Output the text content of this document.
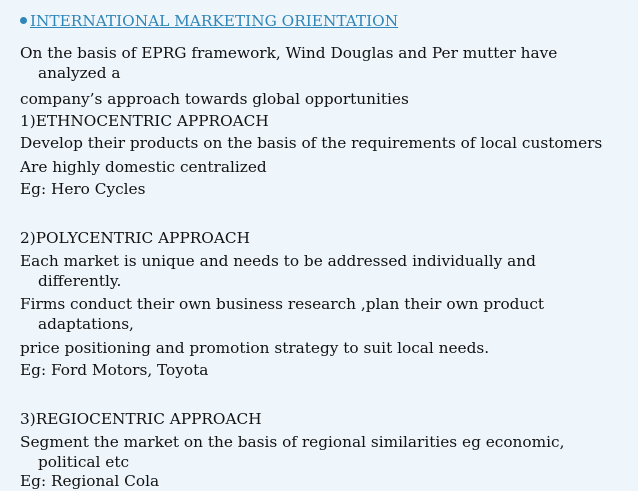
INTERNATIONAL MARKETING ORIENTATION
On the basis of EPRG framework, Wind Douglas and Per mutter have
analyzed a
company’s approach towards global opportunities
1)ETHNOCENTRIC APPROACH
Develop their products on the basis of the requirements of local customers
Are highly domestic centralized
Eg: Hero Cycles
2)POLYCENTRIC APPROACH
Each market is unique and needs to be addressed individually and
differently.
Firms conduct their own business research ,plan their own product
adaptations,
price positioning and promotion strategy to suit local needs.
Eg: Ford Motors, Toyota
3)REGIOCENTRIC APPROACH
Segment the market on the basis of regional similarities eg economic,
political etc
Eg: Regional Cola
